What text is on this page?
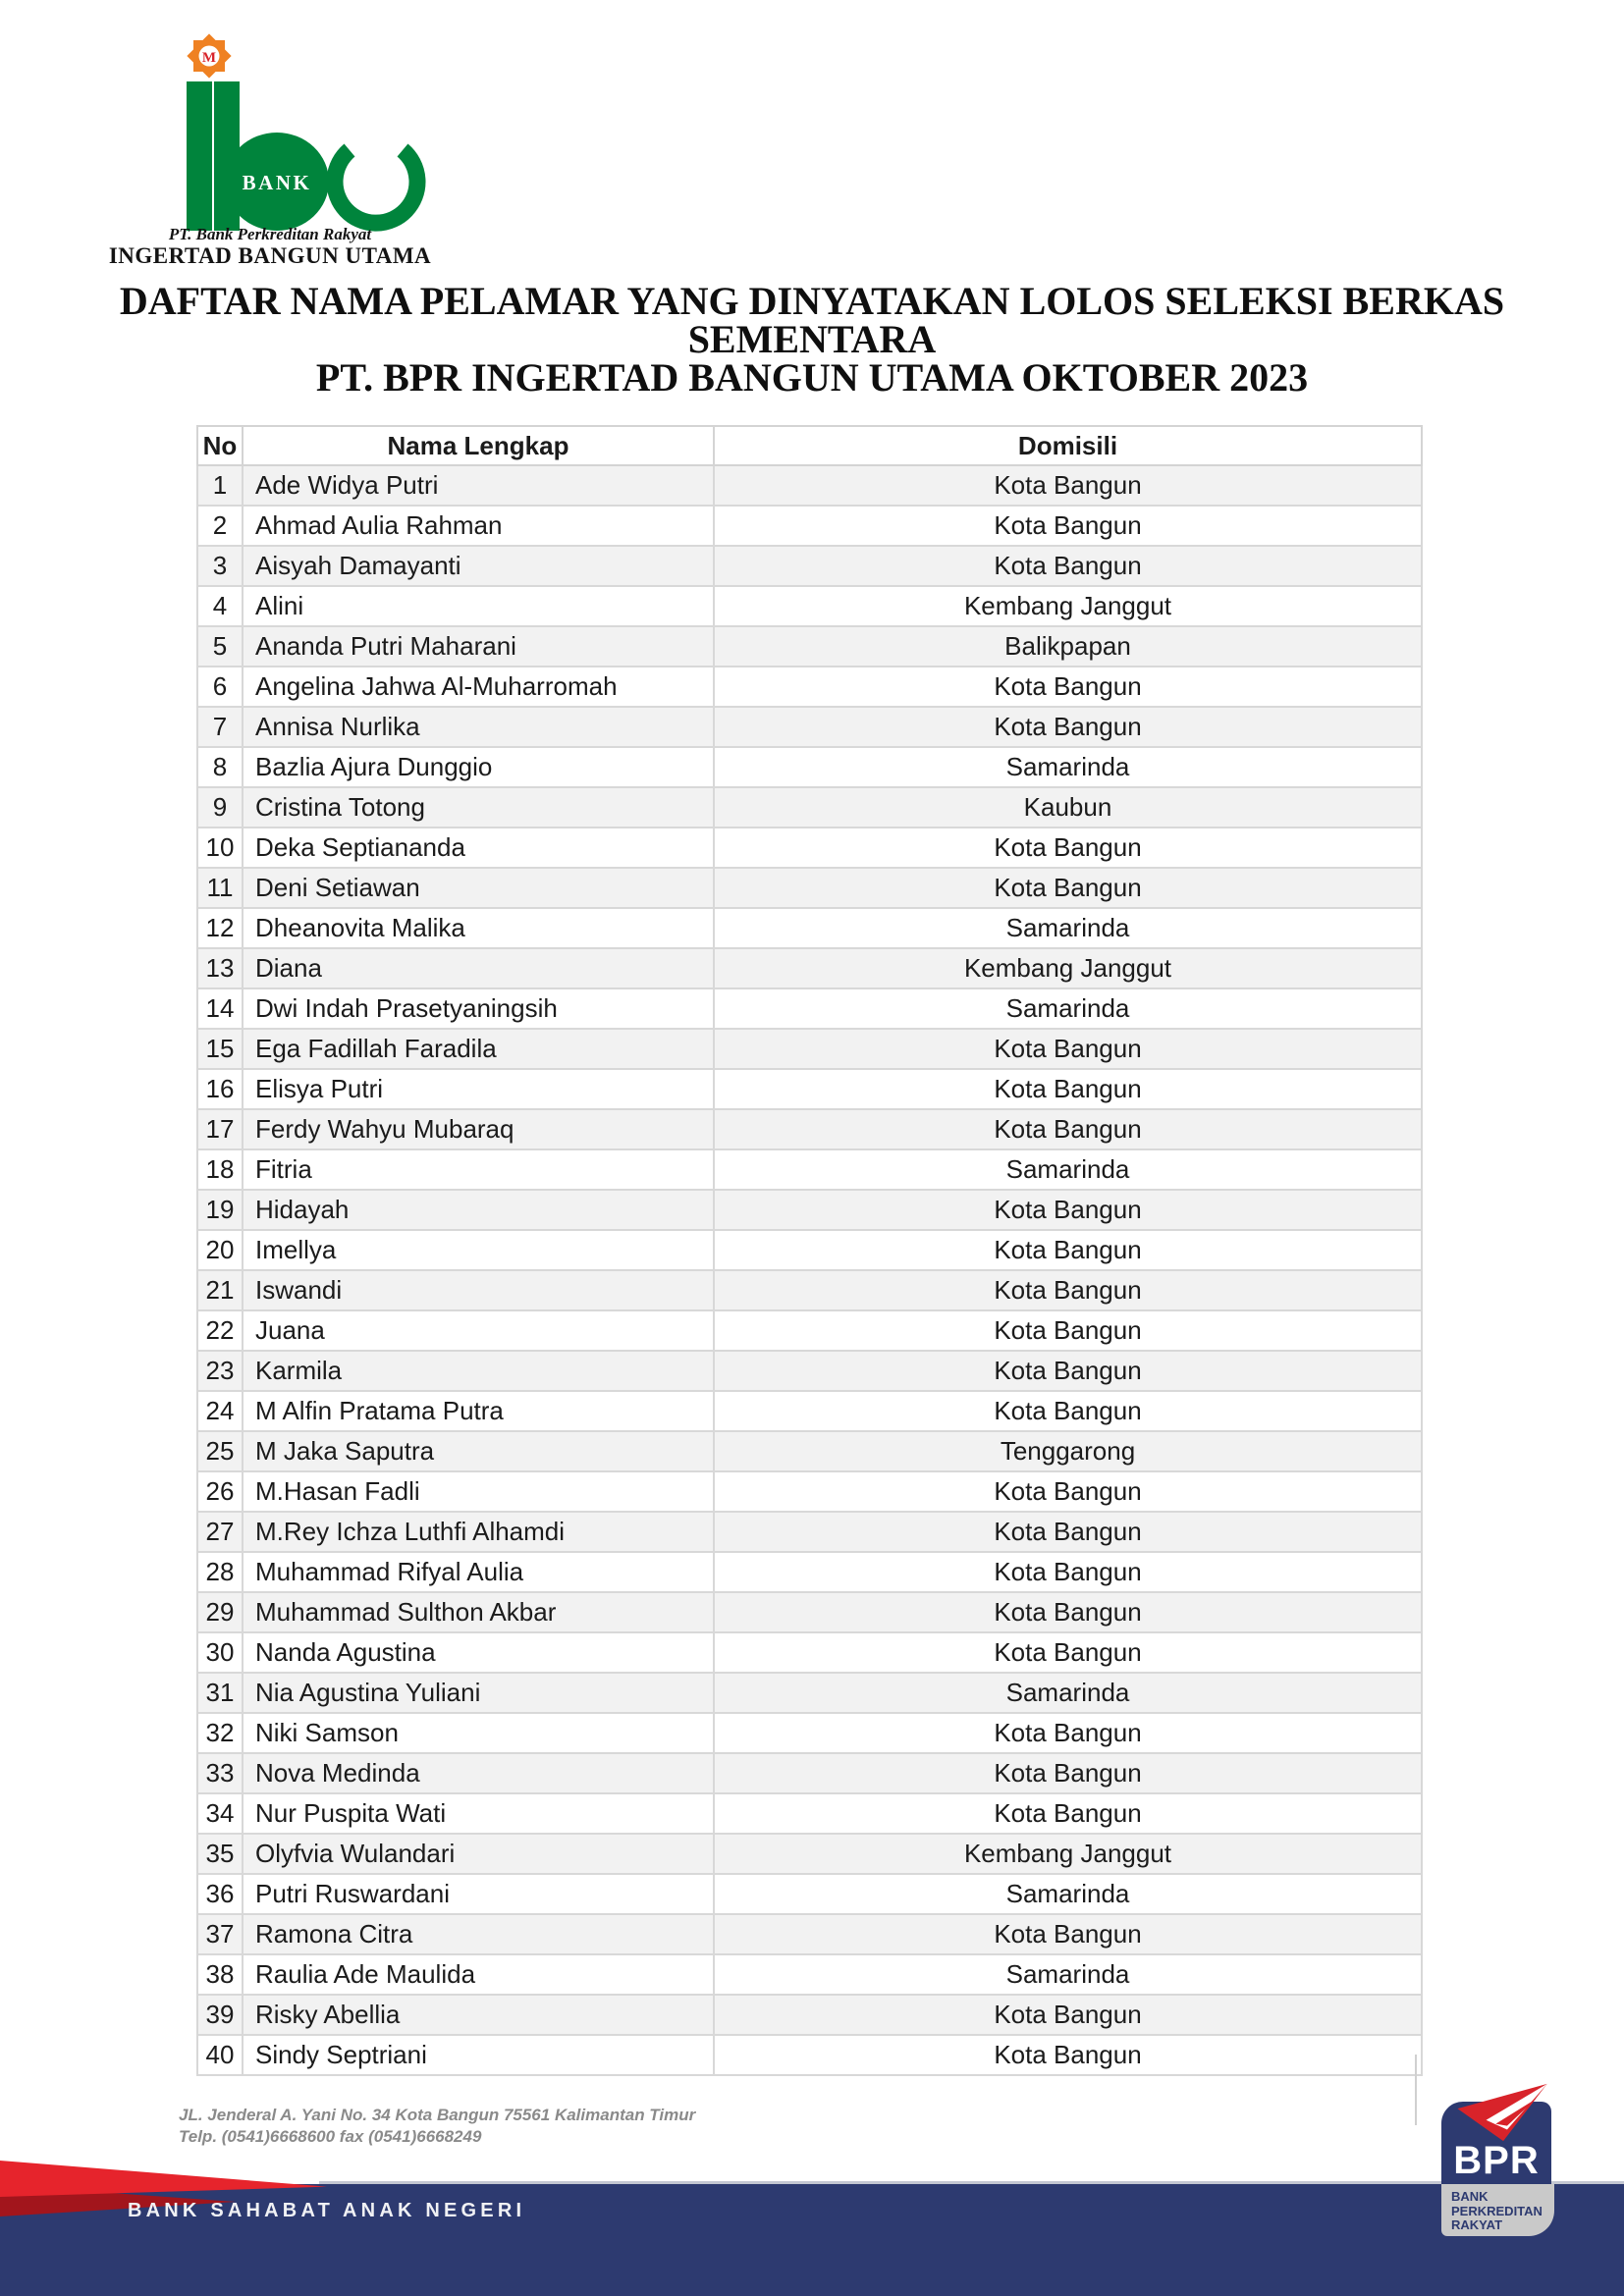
M
BANK
PT. Bank Perkreditan Rakyat
INGERTAD BANGUN UTAMA
DAFTAR NAMA PELAMAR YANG DINYATAKAN LOLOS SELEKSI BERKAS
SEMENTARA
PT. BPR INGERTAD BANGUN UTAMA OKTOBER 2023
No	Nama Lengkap	Domisili
1	Ade Widya Putri	Kota Bangun
2	Ahmad Aulia Rahman	Kota Bangun
3	Aisyah Damayanti	Kota Bangun
4	Alini	Kembang Janggut
5	Ananda Putri Maharani	Balikpapan
6	Angelina Jahwa Al-Muharromah	Kota Bangun
7	Annisa Nurlika	Kota Bangun
8	Bazlia Ajura Dunggio	Samarinda
9	Cristina Totong	Kaubun
10	Deka Septiananda	Kota Bangun
11	Deni Setiawan	Kota Bangun
12	Dheanovita Malika	Samarinda
13	Diana	Kembang Janggut
14	Dwi Indah Prasetyaningsih	Samarinda
15	Ega Fadillah Faradila	Kota Bangun
16	Elisya Putri	Kota Bangun
17	Ferdy Wahyu Mubaraq	Kota Bangun
18	Fitria	Samarinda
19	Hidayah	Kota Bangun
20	Imellya	Kota Bangun
21	Iswandi	Kota Bangun
22	Juana	Kota Bangun
23	Karmila	Kota Bangun
24	M Alfin Pratama Putra	Kota Bangun
25	M Jaka Saputra	Tenggarong
26	M.Hasan Fadli	Kota Bangun
27	M.Rey Ichza Luthfi Alhamdi	Kota Bangun
28	Muhammad Rifyal Aulia	Kota Bangun
29	Muhammad Sulthon Akbar	Kota Bangun
30	Nanda Agustina	Kota Bangun
31	Nia Agustina Yuliani	Samarinda
32	Niki Samson	Kota Bangun
33	Nova Medinda	Kota Bangun
34	Nur Puspita Wati	Kota Bangun
35	Olyfvia Wulandari	Kembang Janggut
36	Putri Ruswardani	Samarinda
37	Ramona Citra	Kota Bangun
38	Raulia Ade Maulida	Samarinda
39	Risky Abellia	Kota Bangun
40	Sindy Septriani	Kota Bangun
JL. Jenderal A. Yani No. 34 Kota Bangun 75561 Kalimantan Timur
Telp. (0541)6668600 fax (0541)6668249
BANK SAHABAT ANAK NEGERI
BPR
BANK
PERKREDITAN
RAKYAT
